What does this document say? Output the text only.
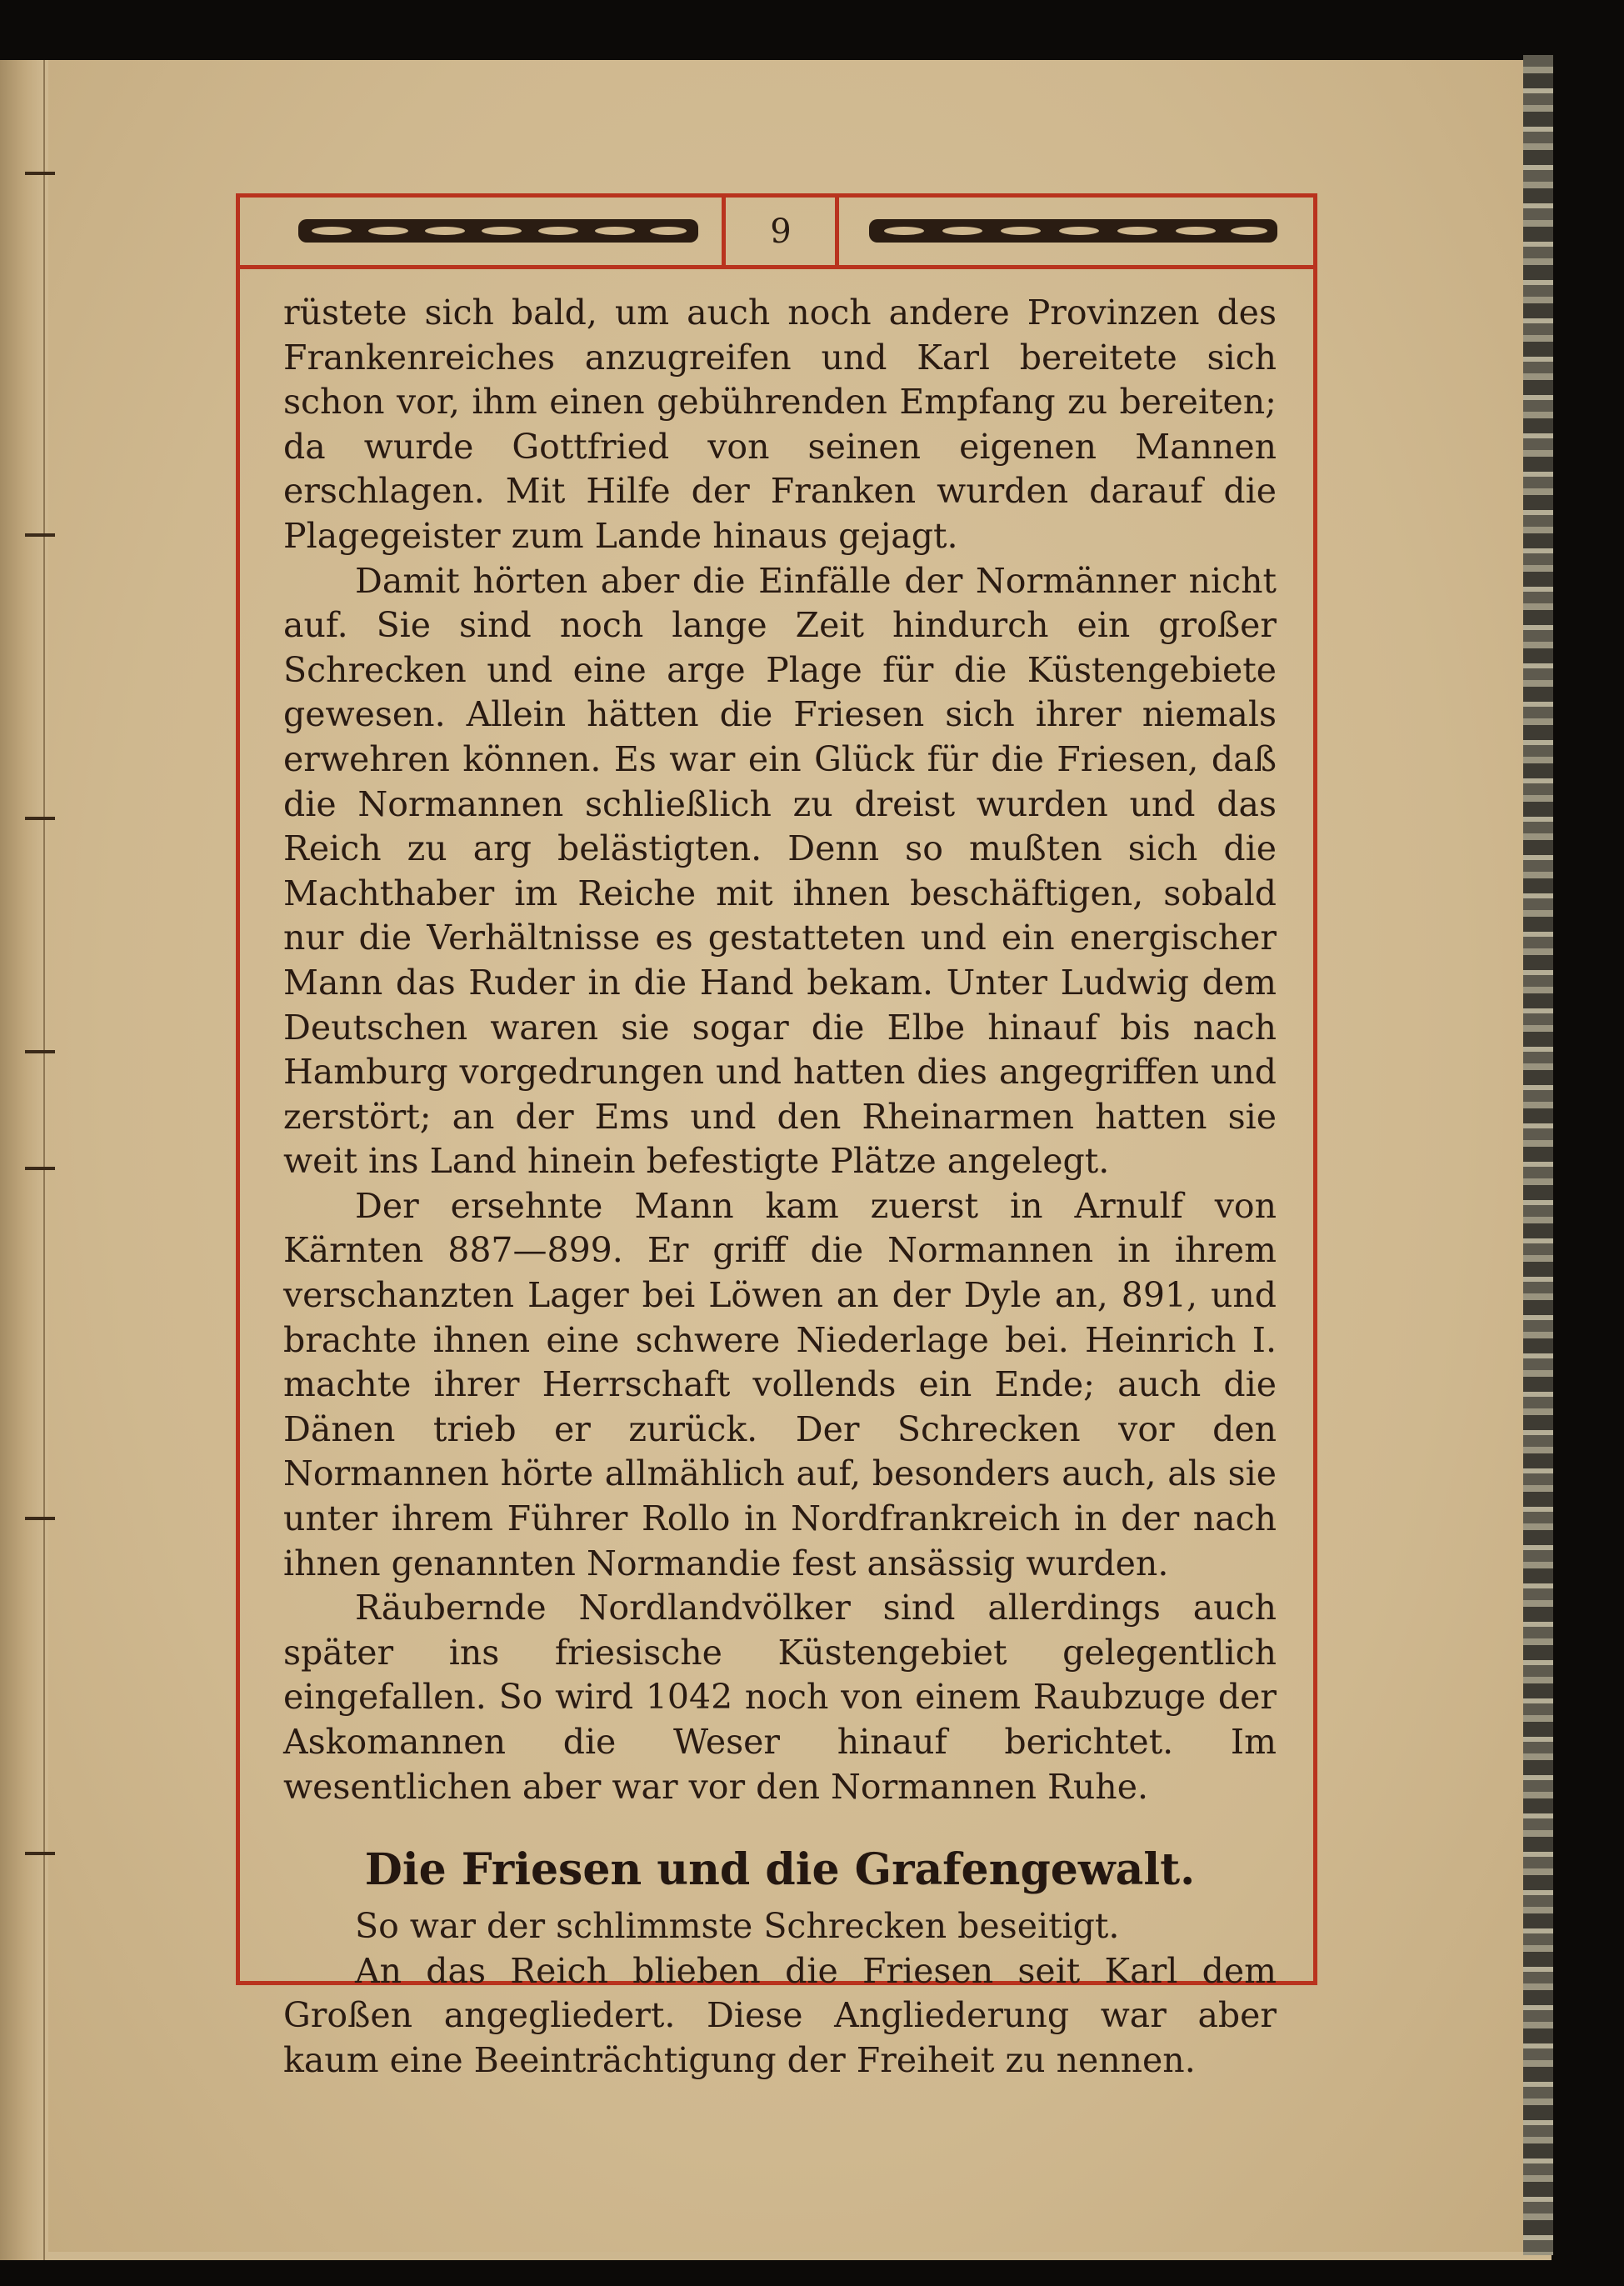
9

rüstete sich bald, um auch noch andere Provinzen des Frankenreiches anzugreifen und Karl bereitete sich schon vor, ihm einen gebührenden Empfang zu bereiten; da wurde Gottfried von seinen eigenen Mannen erschlagen. Mit Hilfe der Franken wurden darauf die Plagegeister zum Lande hinaus gejagt.

Damit hörten aber die Einfälle der Normänner nicht auf. Sie sind noch lange Zeit hindurch ein großer Schrecken und eine arge Plage für die Küstengebiete gewesen. Allein hätten die Friesen sich ihrer niemals erwehren können. Es war ein Glück für die Friesen, daß die Normannen schließlich zu dreist wurden und das Reich zu arg belästigten. Denn so mußten sich die Machthaber im Reiche mit ihnen beschäftigen, sobald nur die Verhältnisse es gestatteten und ein energischer Mann das Ruder in die Hand bekam. Unter Ludwig dem Deutschen waren sie sogar die Elbe hinauf bis nach Hamburg vorgedrungen und hatten dies angegriffen und zerstört; an der Ems und den Rheinarmen hatten sie weit ins Land hinein befestigte Plätze angelegt.

Der ersehnte Mann kam zuerst in Arnulf von Kärnten 887—899. Er griff die Normannen in ihrem verschanzten Lager bei Löwen an der Dyle an, 891, und brachte ihnen eine schwere Niederlage bei. Heinrich I. machte ihrer Herrschaft vollends ein Ende; auch die Dänen trieb er zurück. Der Schrecken vor den Normannen hörte allmählich auf, besonders auch, als sie unter ihrem Führer Rollo in Nordfrankreich in der nach ihnen genannten Normandie fest ansässig wurden.

Räubernde Nordlandvölker sind allerdings auch später ins friesische Küstengebiet gelegentlich eingefallen. So wird 1042 noch von einem Raubzuge der Askomannen die Weser hinauf berichtet. Im wesentlichen aber war vor den Normannen Ruhe.

Die Friesen und die Grafengewalt.

So war der schlimmste Schrecken beseitigt.

An das Reich blieben die Friesen seit Karl dem Großen angegliedert. Diese Angliederung war aber kaum eine Beeinträchtigung der Freiheit zu nennen.
